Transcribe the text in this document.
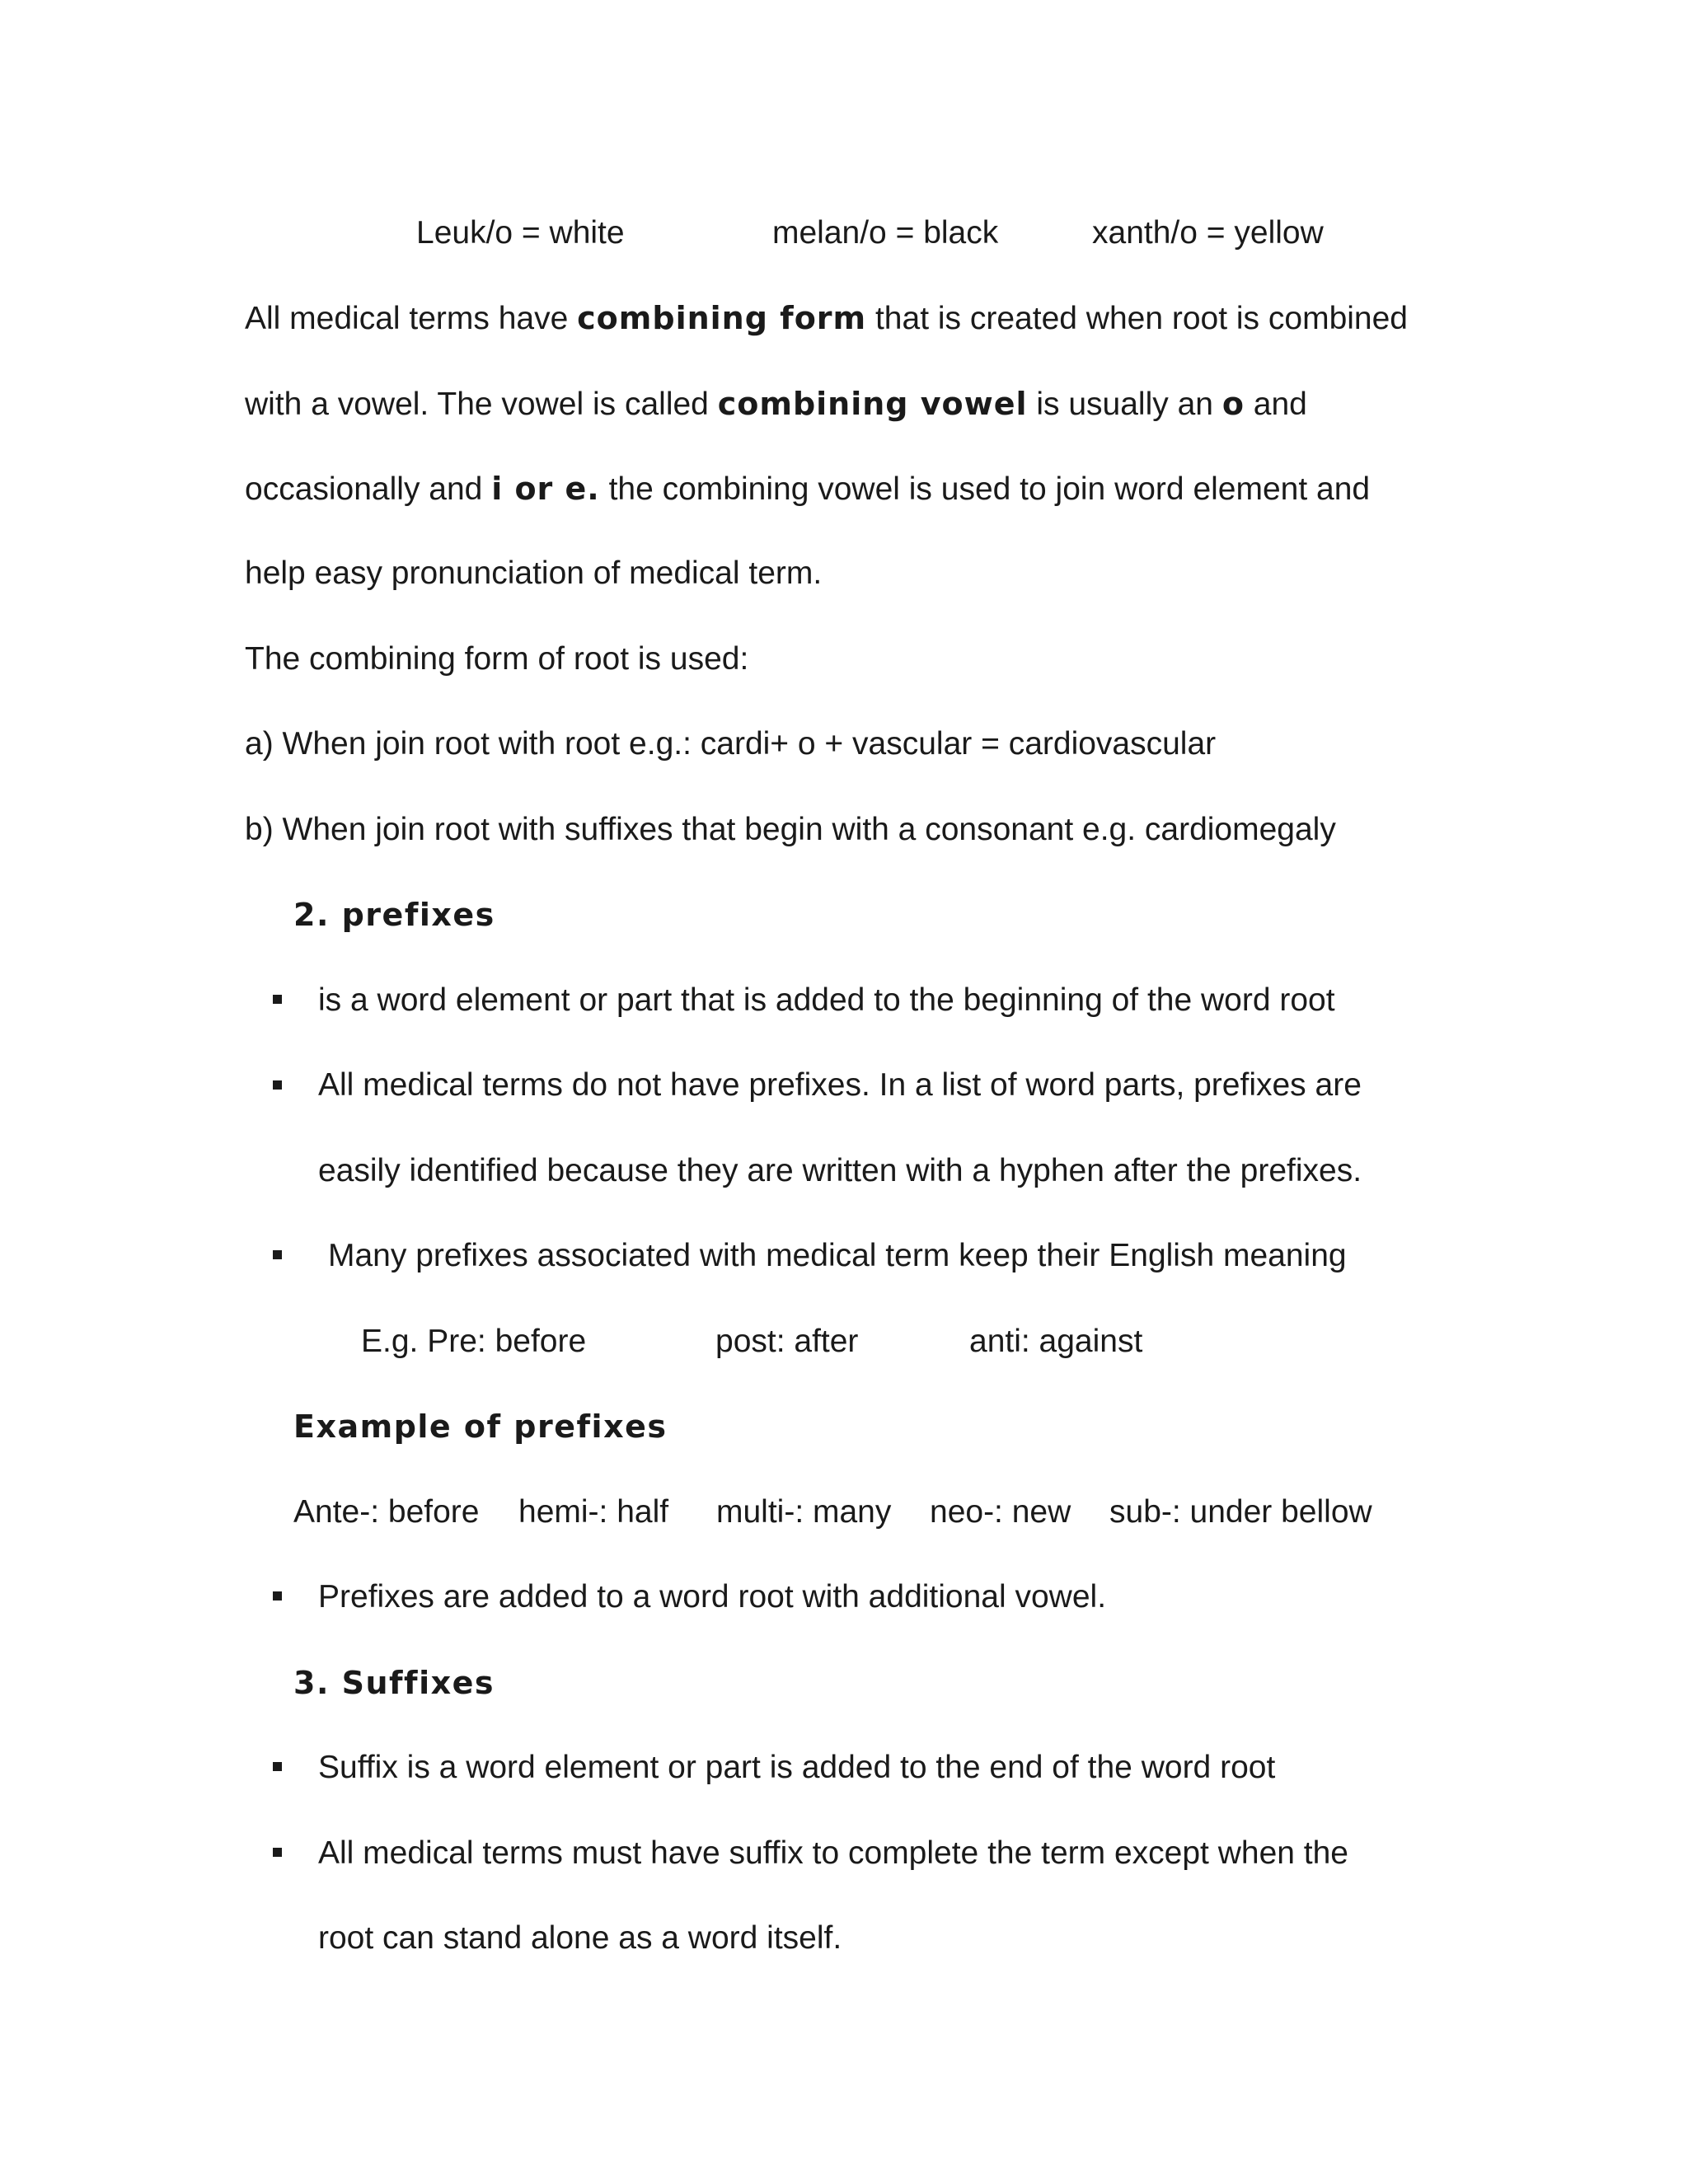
Leuk/o = white	melan/o = black	xanth/o = yellow
All medical terms have combining form that is created when root is combined
with a vowel. The vowel is called combining vowel is usually an o and
occasionally and i or e. the combining vowel is used to join word element and
help easy pronunciation of medical term.
The combining form of root is used:
a) When join root with root e.g.: cardi+ o + vascular = cardiovascular
b) When join root with suffixes that begin with a consonant e.g. cardiomegaly
2. prefixes
is a word element or part that is added to the beginning of the word root
All medical terms do not have prefixes. In a list of word parts, prefixes are
easily identified because they are written with a hyphen after the prefixes.
Many prefixes associated with medical term keep their English meaning
E.g. Pre: before	post: after	anti: against
Example of prefixes
Ante-: before hemi-: half multi-: many neo-: new sub-: under bellow
Prefixes are added to a word root with additional vowel.
3. Suffixes
Suffix is a word element or part is added to the end of the word root
All medical terms must have suffix to complete the term except when the
root can stand alone as a word itself.
